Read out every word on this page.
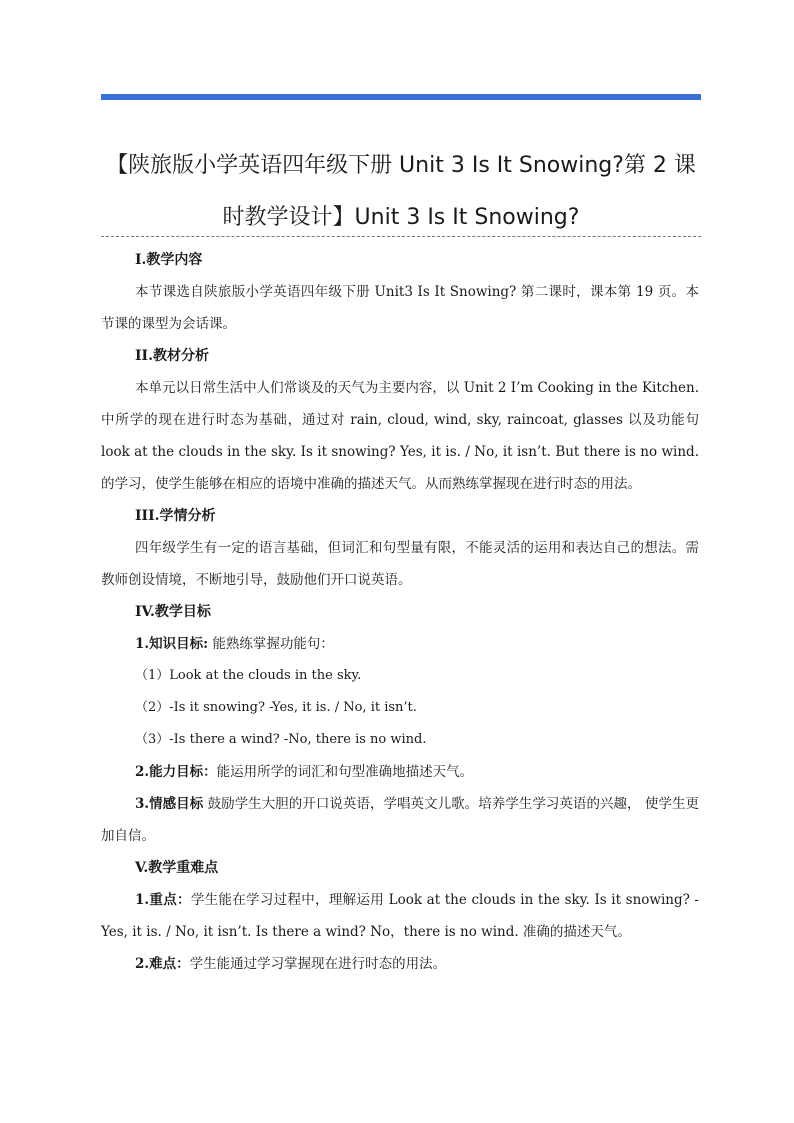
【陕旅版小学英语四年级下册 Unit 3 Is It Snowing?第 2 课时教学设计】Unit 3 Is It Snowing?

I.教学内容

本节课选自陕旅版小学英语四年级下册 Unit3 Is It Snowing? 第二课时，课本第 19 页。本节课的课型为会话课。

II.教材分析

本单元以日常生活中人们常谈及的天气为主要内容，以 Unit 2 I’m Cooking in the Kitchen. 中所学的现在进行时态为基础，通过对 rain, cloud, wind, sky, raincoat, glasses 以及功能句 look at the clouds in the sky. Is it snowing? Yes, it is. / No, it isn’t. But there is no wind. 的学习，使学生能够在相应的语境中准确的描述天气。从而熟练掌握现在进行时态的用法。

III.学情分析

四年级学生有一定的语言基础，但词汇和句型量有限，不能灵活的运用和表达自己的想法。需教师创设情境，不断地引导，鼓励他们开口说英语。

IV.教学目标

1.知识目标: 能熟练掌握功能句：

（1）Look at the clouds in the sky.

（2）-Is it snowing? -Yes, it is. / No, it isn’t.

（3）-Is there a wind? -No, there is no wind.

2.能力目标：能运用所学的词汇和句型准确地描述天气。

3.情感目标 鼓励学生大胆的开口说英语，学唱英文儿歌。培养学生学习英语的兴趣， 使学生更加自信。

V.教学重难点

1.重点：学生能在学习过程中，理解运用 Look at the clouds in the sky. Is it snowing? -Yes, it is. / No, it isn’t. Is there a wind? No，there is no wind. 准确的描述天气。

2.难点：学生能通过学习掌握现在进行时态的用法。
